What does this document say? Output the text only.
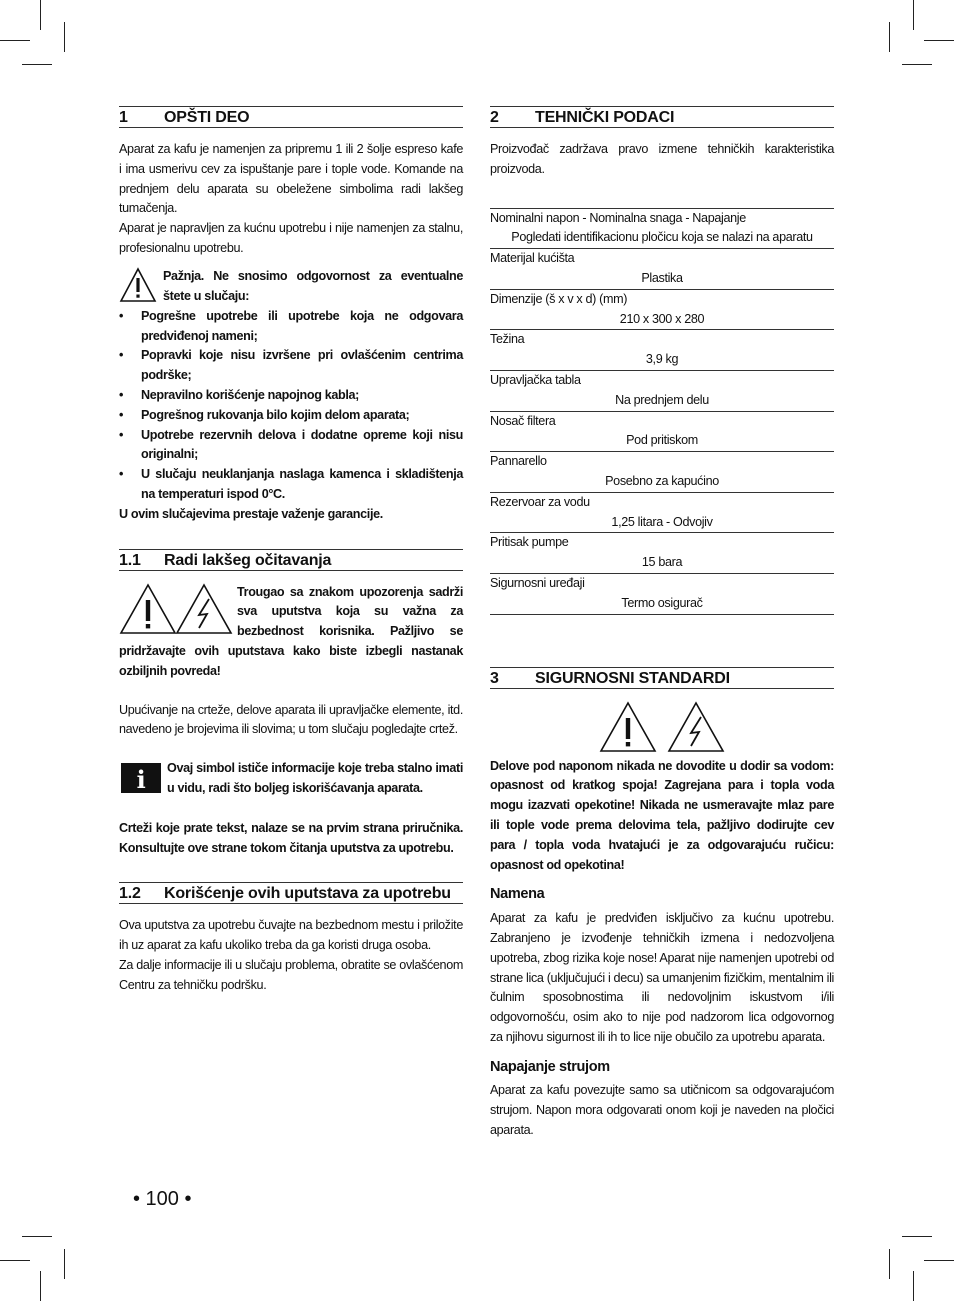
1	OPŠTI DEO

Aparat za kafu je namenjen za pripremu 1 ili 2 šolje espreso kafe i ima usmerivu cev za ispuštanje pare i tople vode. Komande na prednjem delu aparata su obeležene simbolima radi lakšeg tumačenja.

Aparat je napravljen za kućnu upotrebu i nije namenjen za stalnu, profesionalnu upotrebu.

Pažnja. Ne snosimo odgovornost za eventualne štete u slučaju:
• Pogrešne upotrebe ili upotrebe koja ne odgovara predviđenoj nameni;
• Popravki koje nisu izvršene pri ovlašćenim centrima podrške;
• Nepravilno korišćenje napojnog kabla;
• Pogrešnog rukovanja bilo kojim delom aparata;
• Upotrebe rezervnih delova i dodatne opreme koji nisu originalni;
• U slučaju neuklanjanja naslaga kamenca i skladištenja na temperaturi ispod 0°C.

U ovim slučajevima prestaje važenje garancije.

1.1	Radi lakšeg očitavanja

Trougao sa znakom upozorenja sadrži sva uputstva koja su važna za bezbednost korisnika. Pažljivo se pridržavajte ovih uputstava kako biste izbegli nastanak ozbiljnih povreda!

Upućivanje na crteže, delove aparata ili upravljačke elemente, itd. navedeno je brojevima ili slovima; u tom slučaju pogledajte crtež.

i	Ovaj simbol ističe informacije koje treba stalno imati u vidu, radi što boljeg iskorišćavanja aparata.

Crteži koje prate tekst, nalaze se na prvim strana priručnika. Konsultujte ove strane tokom čitanja uputstva za upotrebu.

1.2	Korišćenje ovih uputstava za upotrebu

Ova uputstva za upotrebu čuvajte na bezbednom mestu i priložite ih uz aparat za kafu ukoliko treba da ga koristi druga osoba.

Za dalje informacije ili u slučaju problema, obratite se ovlašćenom Centru za tehničku podršku.

2	TEHNIČKI PODACI

Proizvođač zadržava pravo izmene tehničkih karakteristika proizvoda.

Nominalni napon - Nominalna snaga - Napajanje
Pogledati identifikacionu pločicu koja se nalazi na aparatu
Materijal kućišta
Plastika
Dimenzije (š x v x d) (mm)
210 x 300 x 280
Težina
3,9 kg
Upravljačka tabla
Na prednjem delu
Nosač filtera
Pod pritiskom
Pannarello
Posebno za kapućino
Rezervoar za vodu
1,25 litara - Odvojiv
Pritisak pumpe
15 bara
Sigurnosni uređaji
Termo osigurač
3	SIGURNOSNI STANDARDI

Delove pod naponom nikada ne dovodite u dodir sa vodom: opasnost od kratkog spoja! Zagrejana para i topla voda mogu izazvati opekotine! Nikada ne usmeravajte mlaz pare ili tople vode prema delovima tela, pažljivo dodirujte cev para / topla voda hvatajući je za odgovarajuću ručicu: opasnost od opekotina!

Namena

Aparat za kafu je predviđen isključivo za kućnu upotrebu. Zabranjeno je izvođenje tehničkih izmena i nedozvoljena upotreba, zbog rizika koje nose! Aparat nije namenjen upotrebi od strane lica (uključujući i decu) sa umanjenim fizičkim, mentalnim ili čulnim sposobnostima ili nedovoljnim iskustvom i/ili odgovornošću, osim ako to nije pod nadzorom lica odgovornog za njihovu sigurnost ili ih to lice nije obučilo za upotrebu aparata.

Napajanje strujom

Aparat za kafu povezujte samo sa utičnicom sa odgovarajućom strujom. Napon mora odgovarati onom koji je naveden na pločici aparata.

• 100 •
